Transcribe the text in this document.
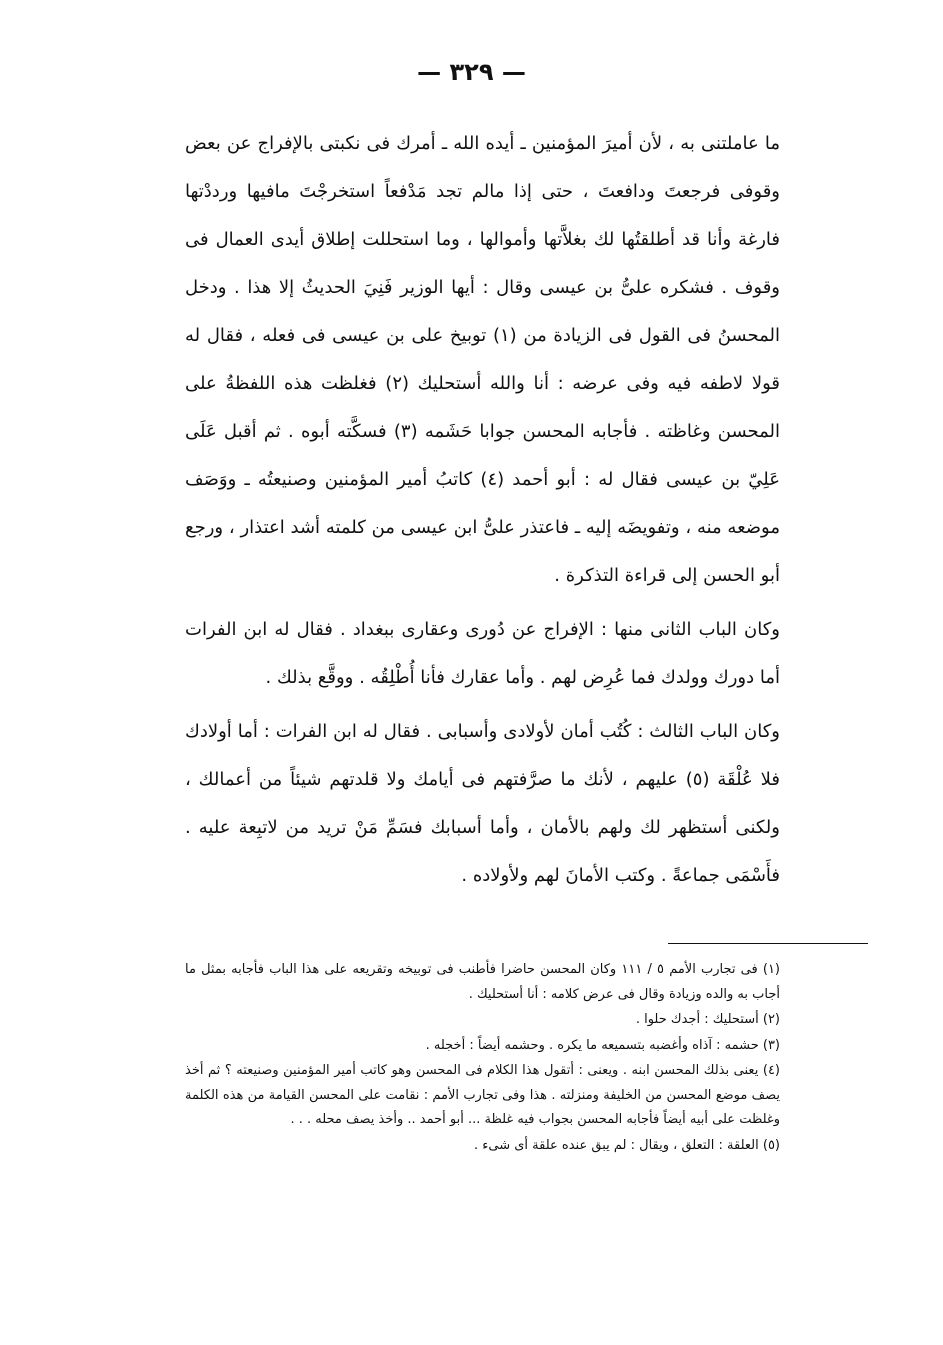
— ٣٢٩ —

ما عاملتنى به ، لأن أميرَ المؤمنين ـ أيده الله ـ أمرك فى نكبتى بالإفراج عن بعض وقوفى فرجعتَ ودافعتَ ، حتى إذا مالم تجد مَدْفعاً استخرجْتَ مافيها ورددْتها فارغة وأنا قد أطلقتُها لك بغلاَّتها وأموالها ، وما استحللت إطلاق أيدى العمال فى وقوف . فشكره علىُّ بن عيسى وقال : أيها الوزير فَنِيَ الحديثُ إلا هذا . ودخل المحسنُ فى القول فى الزيادة من (١) توبيخ على بن عيسى فى فعله ، فقال له قولا لاطفه فيه وفى عرضه : أنا والله أستحليك (٢) فغلظت هذه اللفظةُ على المحسن وغاظته . فأجابه المحسن جوابا حَشَمه (٣) فسكَّته أبوه . ثم أقبل عَلَى عَلِيّ بن عيسى فقال له : أبو أحمد (٤) كاتبُ أمير المؤمنين وصنيعتُه ـ ووَصَف موضعه منه ، وتفويضَه إليه ـ فاعتذر علىُّ ابن عيسى من كلمته أشد اعتذار ، ورجع أبو الحسن إلى قراءة التذكرة .

وكان الباب الثانى منها : الإفراج عن دُورى وعقارى ببغداد . فقال له ابن الفرات أما دورك وولدك فما عُرِض لهم . وأما عقارك فأنا أُطْلِقُه . ووقَّع بذلك .

وكان الباب الثالث : كُتُب أمان لأولادى وأسبابى . فقال له ابن الفرات : أما أولادك فلا عُلْقَة (٥) عليهم ، لأنك ما صرَّفتهم فى أيامك ولا قلدتهم شيئاً من أعمالك ، ولكنى أستظهر لك ولهم بالأمان ، وأما أسبابك فسَمِّ مَنْ تريد من لاتبِعة عليه . فأَسْمَى جماعةً . وكتب الأمانَ لهم ولأولاده .

(١) فى تجارب الأمم ٥ / ١١١ وكان المحسن حاضرا فأطنب فى توبيخه وتقريعه على هذا الباب فأجابه بمثل ما أجاب به والده وزيادة وقال فى عرض كلامه : أنا أستحليك .

(٢) أستحليك : أجدك حلوا .

(٣) حشمه : آذاه وأغضبه بتسميعه ما يكره . وحشمه أيضاً : أخجله .

(٤) يعنى بذلك المحسن ابنه . ويعنى : أتقول هذا الكلام فى المحسن وهو كاتب أمير المؤمنين وصنيعته ؟ ثم أخذ يصف موضع المحسن من الخليفة ومنزلته . هذا وفى تجارب الأمم : نقامت على المحسن القيامة من هذه الكلمة وغلظت على أبيه أيضاً فأجابه المحسن بجواب فيه غلظة ... أبو أحمد .. وأخذ يصف محله . . .

(٥) العلقة : التعلق ، ويقال : لم يبق عنده علقة أى شىء .
